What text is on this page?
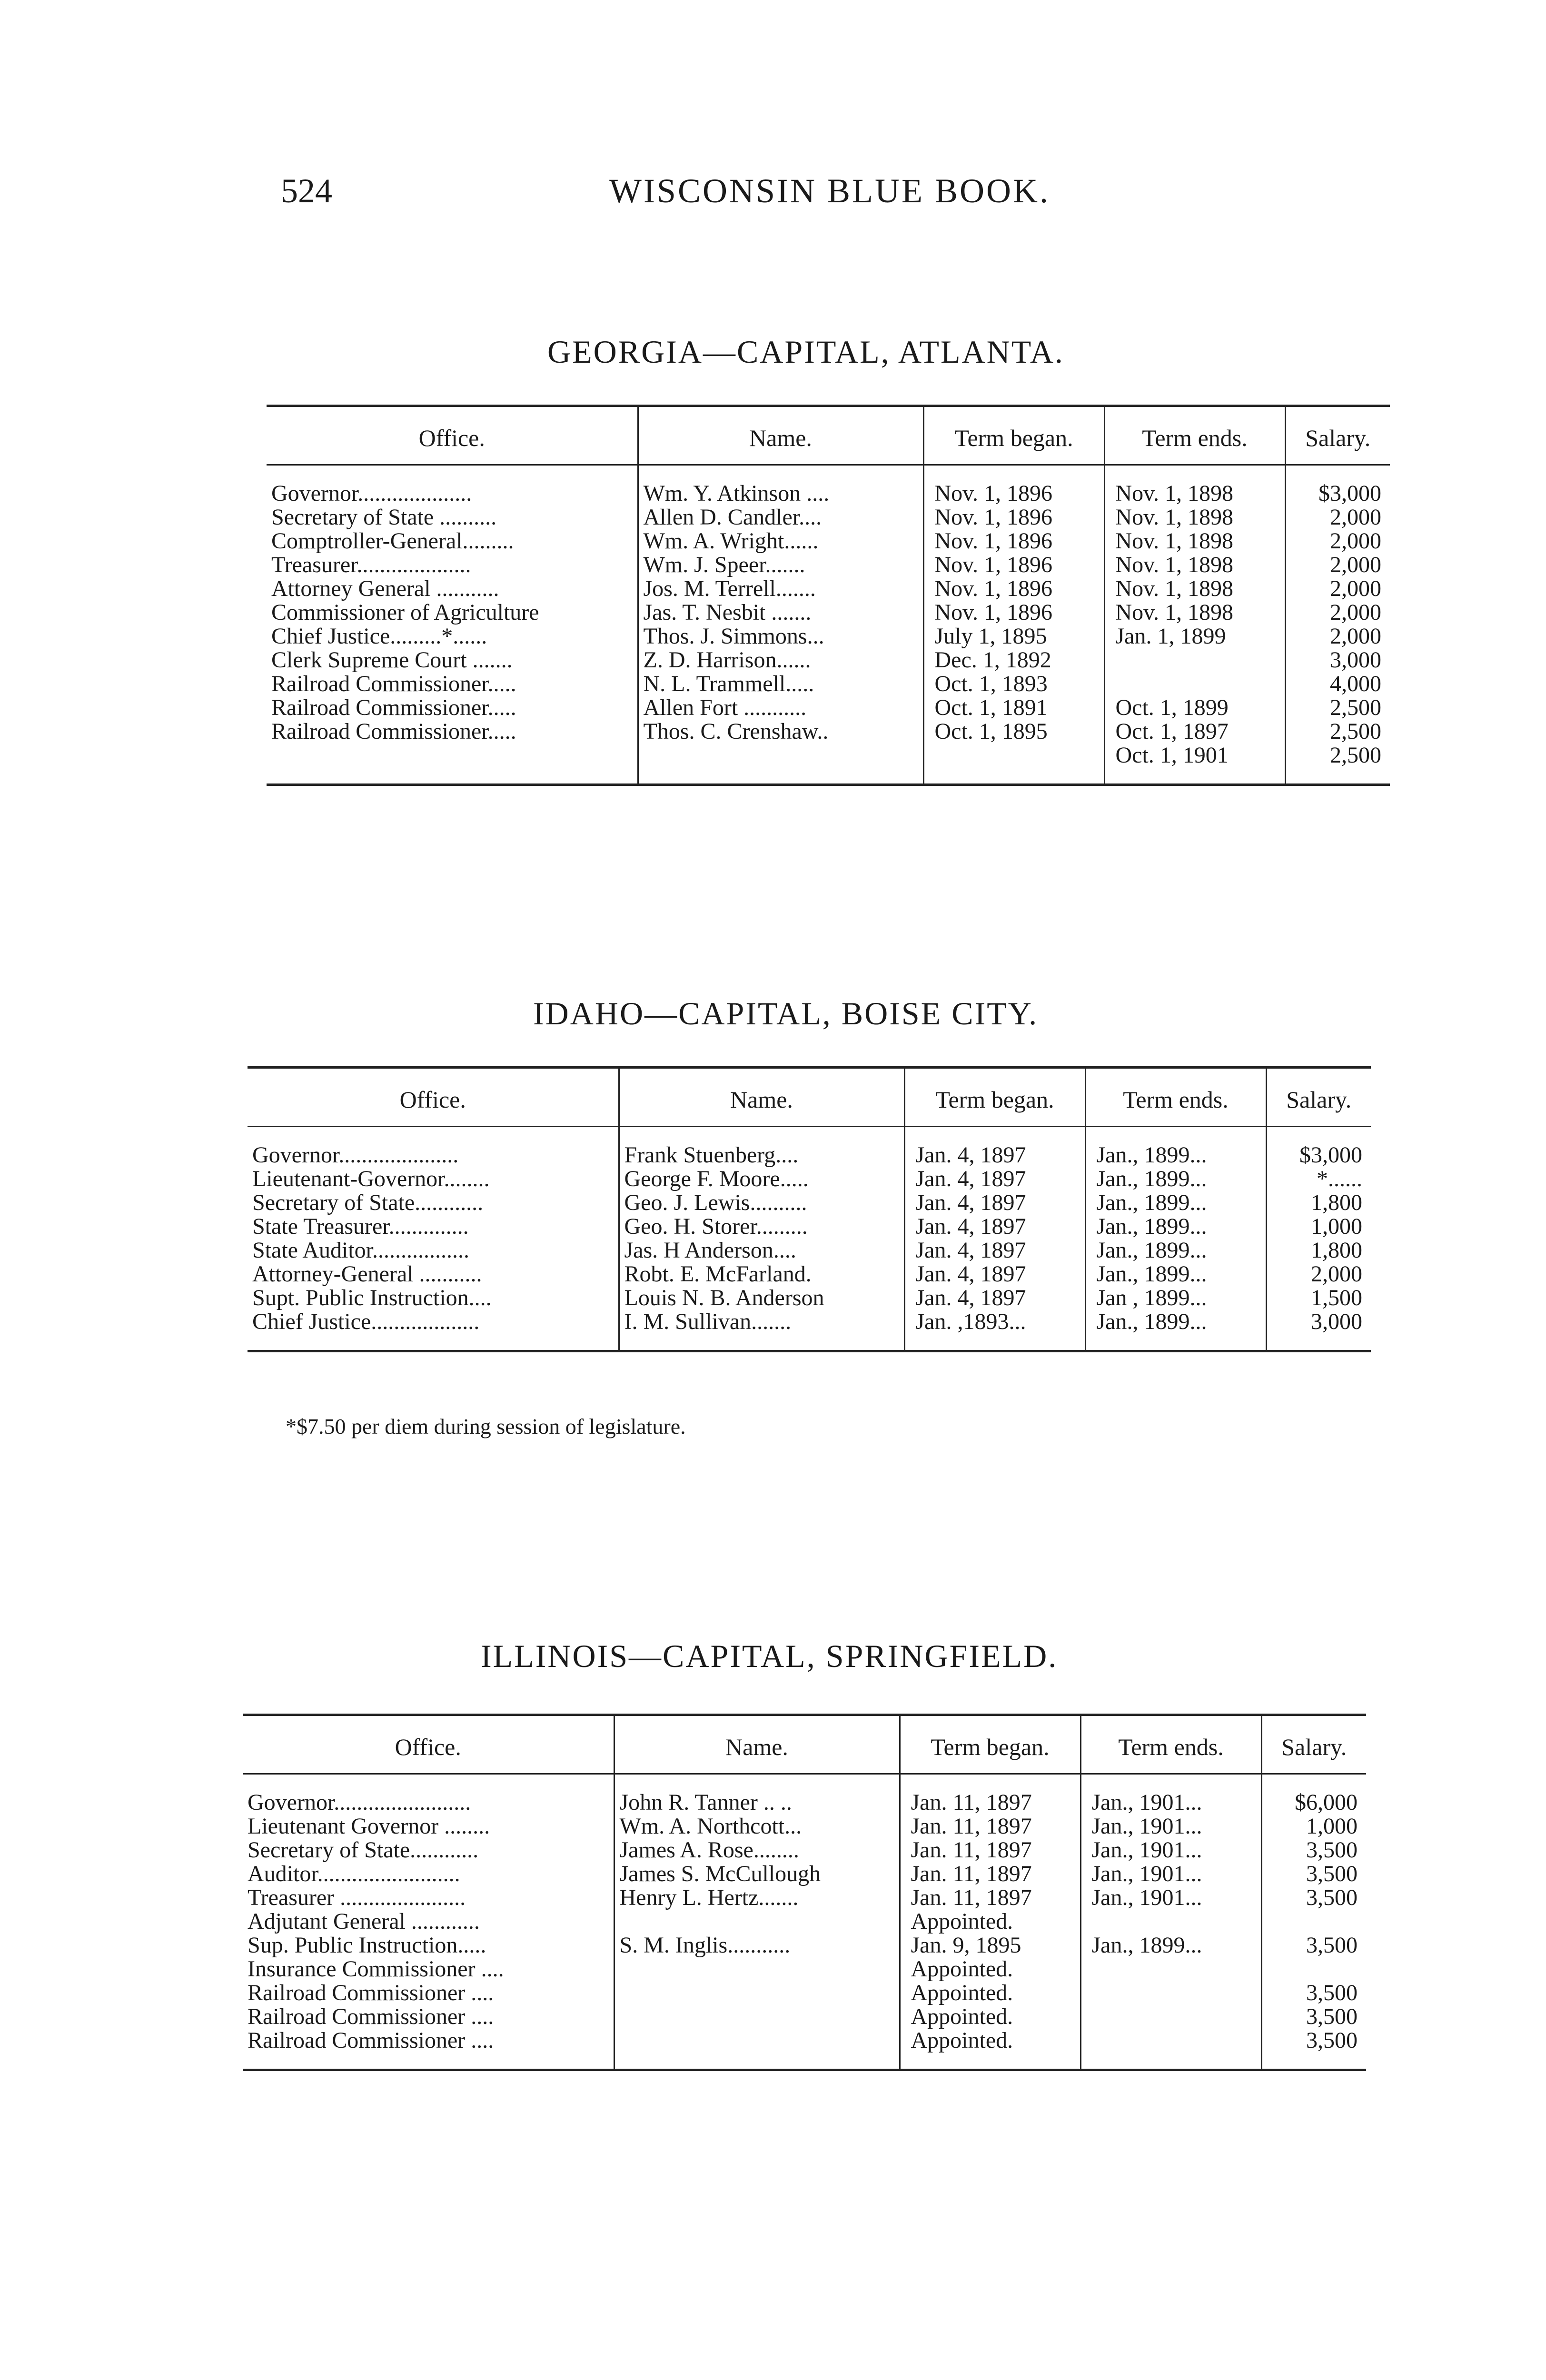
524	WISCONSIN BLUE BOOK.
GEORGIA—CAPITAL, ATLANTA.
Office.	Name.	Term began.	Term ends.	Salary.
Governor....................	Wm. Y. Atkinson ....	Nov. 1, 1896	Nov. 1, 1898	$3,000
Secretary of State ..........	Allen D. Candler....	Nov. 1, 1896	Nov. 1, 1898	2,000
Comptroller-General.........	Wm. A. Wright......	Nov. 1, 1896	Nov. 1, 1898	2,000
Treasurer....................	Wm. J. Speer.......	Nov. 1, 1896	Nov. 1, 1898	2,000
Attorney General ...........	Jos. M. Terrell.......	Nov. 1, 1896	Nov. 1, 1898	2,000
Commissioner of Agriculture	Jas. T. Nesbit .......	Nov. 1, 1896	Nov. 1, 1898	2,000
Chief Justice.........*......	Thos. J. Simmons...	July 1, 1895	Jan. 1, 1899	2,000
Clerk Supreme Court .......	Z. D. Harrison......	Dec. 1, 1892		3,000
Railroad Commissioner.....	N. L. Trammell.....	Oct. 1, 1893		4,000
Railroad Commissioner.....	Allen Fort ...........	Oct. 1, 1891	Oct. 1, 1899	2,500
Railroad Commissioner.....	Thos. C. Crenshaw..	Oct. 1, 1895	Oct. 1, 1897	2,500
			Oct. 1, 1901	2,500
IDAHO—CAPITAL, BOISE CITY.
Office.	Name.	Term began.	Term ends.	Salary.
Governor.....................	Frank Stuenberg....	Jan. 4, 1897	Jan., 1899...	$3,000
Lieutenant-Governor........	George F. Moore.....	Jan. 4, 1897	Jan., 1899...	*......
Secretary of State............	Geo. J. Lewis..........	Jan. 4, 1897	Jan., 1899...	1,800
State Treasurer..............	Geo. H. Storer.........	Jan. 4, 1897	Jan., 1899...	1,000
State Auditor.................	Jas. H Anderson....	Jan. 4, 1897	Jan., 1899...	1,800
Attorney-General ...........	Robt. E. McFarland.	Jan. 4, 1897	Jan., 1899...	2,000
Supt. Public Instruction....	Louis N. B. Anderson	Jan. 4, 1897	Jan , 1899...	1,500
Chief Justice...................	I. M. Sullivan.......	Jan. ,1893...	Jan., 1899...	3,000
*$7.50 per diem during session of legislature.
ILLINOIS—CAPITAL, SPRINGFIELD.
Office.	Name.	Term began.	Term ends.	Salary.
Governor........................	John R. Tanner .. ..	Jan. 11, 1897	Jan., 1901...	$6,000
Lieutenant Governor ........	Wm. A. Northcott...	Jan. 11, 1897	Jan., 1901...	1,000
Secretary of State............	James A. Rose........	Jan. 11, 1897	Jan., 1901...	3,500
Auditor.........................	James S. McCullough	Jan. 11, 1897	Jan., 1901...	3,500
Treasurer ......................	Henry L. Hertz.......	Jan. 11, 1897	Jan., 1901...	3,500
Adjutant General ............		Appointed.		
Sup. Public Instruction.....	S. M. Inglis...........	Jan. 9, 1895	Jan., 1899...	3,500
Insurance Commissioner ....		Appointed.		
Railroad Commissioner ....		Appointed.		3,500
Railroad Commissioner ....		Appointed.		3,500
Railroad Commissioner ....		Appointed.		3,500
